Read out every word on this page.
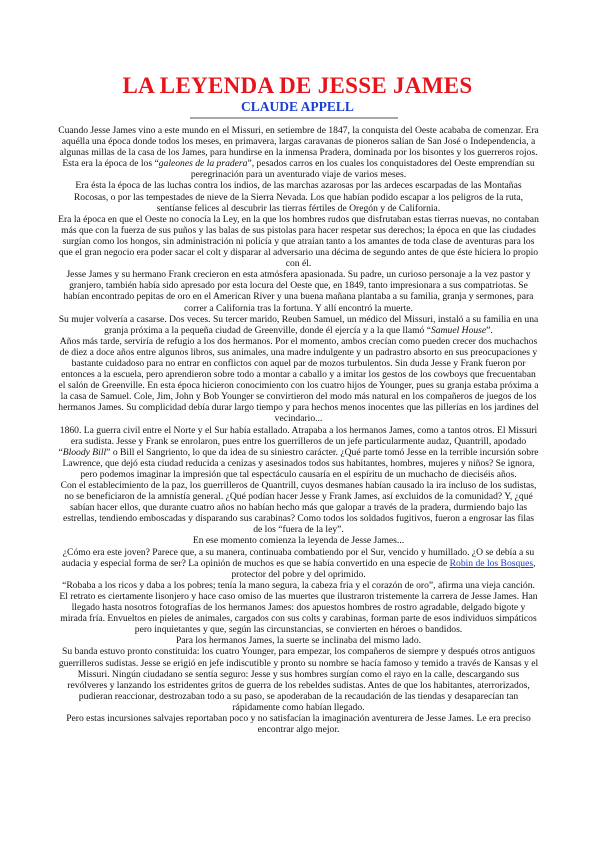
LA LEYENDA DE JESSE JAMES
CLAUDE APPELL

Cuando Jesse James vino a este mundo en el Missuri, en setiembre de 1847, la conquista del Oeste acababa de comenzar. Era aquélla una época donde todos los meses, en primavera, largas caravanas de pioneros salían de San José o Independencia, a algunas millas de la casa de los James, para hundirse en la inmensa Pradera, dominada por los bisontes y los guerreros rojos. Esta era la época de los “galeones de la pradera”, pesados carros en los cuales los conquistadores del Oeste emprendían su peregrinación para un aventurado viaje de varios meses.

Era ésta la época de las luchas contra los indios, de las marchas azarosas por las ardeces escarpadas de las Montañas Rocosas, o por las tempestades de nieve de la Sierra Nevada. Los que habían podido escapar a los peligros de la ruta, sentíanse felices al descubrir las tierras fértiles de Oregón y de California.

Era la época en que el Oeste no conocía la Ley, en la que los hombres rudos que disfrutaban estas tierras nuevas, no contaban más que con la fuerza de sus puños y las balas de sus pistolas para hacer respetar sus derechos; la época en que las ciudades surgían como los hongos, sin administración ni policía y que atraían tanto a los amantes de toda clase de aventuras para los que el gran negocio era poder sacar el colt y disparar al adversario una décima de segundo antes de que éste hiciera lo propio con él.

Jesse James y su hermano Frank crecieron en esta atmósfera apasionada. Su padre, un curioso personaje a la vez pastor y granjero, también había sido apresado por esta locura del Oeste que, en 1849, tanto impresionara a sus compatriotas. Se habían encontrado pepitas de oro en el American River y una buena mañana plantaba a su familia, granja y sermones, para correr a California tras la fortuna. Y allí encontró la muerte.

Su mujer volvería a casarse. Dos veces. Su tercer marido, Reuben Samuel, un médico del Missuri, instaló a su familia en una granja próxima a la pequeña ciudad de Greenville, donde él ejercía y a la que llamó “Samuel House”.

Años más tarde, serviría de refugio a los dos hermanos. Por el momento, ambos crecían como pueden crecer dos muchachos de diez a doce años entre algunos libros, sus animales, una madre indulgente y un padrastro absorto en sus preocupaciones y bastante cuidadoso para no entrar en conflictos con aquel par de mozos turbulentos. Sin duda Jesse y Frank fueron por entonces a la escuela, pero aprendieron sobre todo a montar a caballo y a imitar los gestos de los cowboys que frecuentaban el salón de Greenville. En esta época hicieron conocimiento con los cuatro hijos de Younger, pues su granja estaba próxima a la casa de Samuel. Cole, Jim, John y Bob Younger se convirtieron del modo más natural en los compañeros de juegos de los hermanos James. Su complicidad debía durar largo tiempo y para hechos menos inocentes que las pillerías en los jardines del vecindario...

1860. La guerra civil entre el Norte y el Sur había estallado. Atrapaba a los hermanos James, como a tantos otros. El Missuri era sudista. Jesse y Frank se enrolaron, pues entre los guerrilleros de un jefe particularmente audaz, Quantrill, apodado “Bloody Bill” o Bill el Sangriento, lo que da idea de su siniestro carácter. ¿Qué parte tomó Jesse en la terrible incursión sobre Lawrence, que dejó esta ciudad reducida a cenizas y asesinados todos sus habitantes, hombres, mujeres y niños? Se ignora, pero podemos imaginar la impresión que tal espectáculo causaría en el espíritu de un muchacho de dieciséis años.

Con el establecimiento de la paz, los guerrilleros de Quantrill, cuyos desmanes habían causado la ira incluso de los sudistas, no se beneficiaron de la amnistía general. ¿Qué podían hacer Jesse y Frank James, así excluidos de la comunidad? Y, ¿qué sabían hacer ellos, que durante cuatro años no habían hecho más que galopar a través de la pradera, durmiendo bajo las estrellas, tendiendo emboscadas y disparando sus carabinas? Como todos los soldados fugitivos, fueron a engrosar las filas de los “fuera de la ley”.

En ese momento comienza la leyenda de Jesse James...

¿Cómo era este joven? Parece que, a su manera, continuaba combatiendo por el Sur, vencido y humillado. ¿O se debía a su audacia y especial forma de ser? La opinión de muchos es que se había convertido en una especie de Robin de los Bosques, protector del pobre y del oprimido.

“Robaba a los ricos y daba a los pobres; tenía la mano segura, la cabeza fría y el corazón de oro”, afirma una vieja canción.

El retrato es ciertamente lisonjero y hace caso omiso de las muertes que ilustraron tristemente la carrera de Jesse James. Han llegado hasta nosotros fotografías de los hermanos James: dos apuestos hombres de rostro agradable, delgado bigote y mirada fría. Envueltos en pieles de animales, cargados con sus colts y carabinas, forman parte de esos individuos simpáticos pero inquietantes y que, según las circunstancias, se convierten en héroes o bandidos.

Para los hermanos James, la suerte se inclinaba del mismo lado.

Su banda estuvo pronto constituida: los cuatro Younger, para empezar, los compañeros de siempre y después otros antiguos guerrilleros sudistas. Jesse se erigió en jefe indiscutible y pronto su nombre se hacía famoso y temido a través de Kansas y el Missuri. Ningún ciudadano se sentía seguro: Jesse y sus hombres surgían como el rayo en la calle, descargando sus revólveres y lanzando los estridentes gritos de guerra de los rebeldes sudistas. Antes de que los habitantes, aterrorizados, pudieran reaccionar, destrozaban todo a su paso, se apoderaban de la recaudación de las tiendas y desaparecían tan rápidamente como habían llegado.

Pero estas incursiones salvajes reportaban poco y no satisfacían la imaginación aventurera de Jesse James. Le era preciso encontrar algo mejor.
